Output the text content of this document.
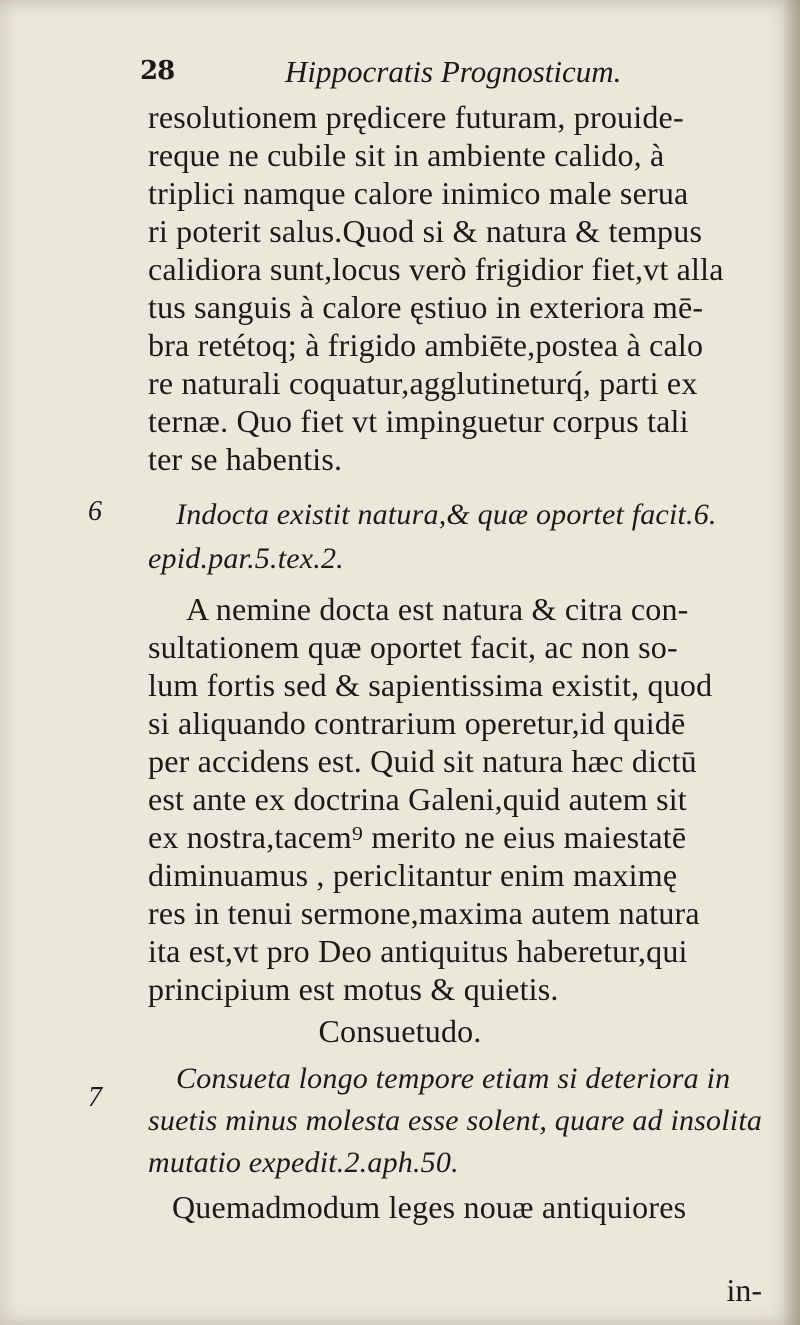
28	Hippocratis Prognosticum.
resolutionem prędicere futuram, prouide-
reque ne cubile sit in ambiente calido, à
triplici namque calore inimico male serua
ri poterit salus.Quod si & natura & tempus
calidiora sunt,locus verò frigidior fiet,vt alla
tus sanguis à calore ęstiuo in exteriora mē-
bra retétoq; à frigido ambiēte,postea à calo
re naturali coquatur,agglutineturq́, parti ex
ternæ. Quo fiet vt impinguetur corpus tali
ter se habentis.
6 Indocta existit natura,& quæ oportet facit.6.
epid.par.5.tex.2.
A nemine docta est natura & citra con-
sultationem quæ oportet facit, ac non so-
lum fortis sed & sapientissima existit, quod
si aliquando contrarium operetur,id quidē
per accidens est. Quid sit natura hæc dictū
est ante ex doctrina Galeni,quid autem sit
ex nostra,tacem⁹ merito ne eius maiestatē
diminuamus , periclitantur enim maximę
res in tenui sermone,maxima autem natura
ita est,vt pro Deo antiquitus haberetur,qui
principium est motus & quietis.
Consuetudo.
7
Consueta longo tempore etiam si deteriora in
suetis minus molesta esse solent, quare ad insolita
mutatio expedit.2.aph.50.
Quemadmodum leges nouæ antiquiores
in-
